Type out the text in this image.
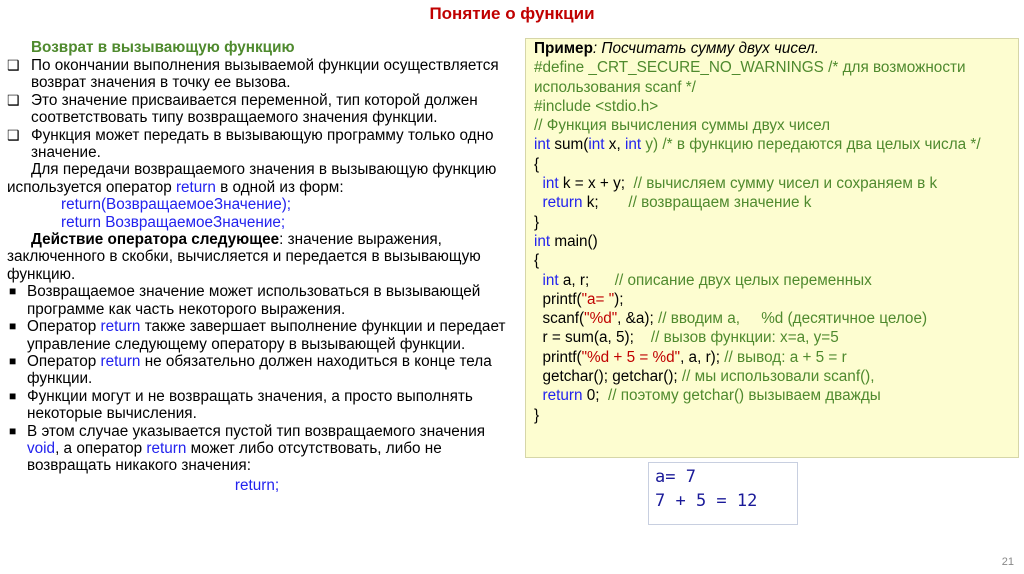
Понятие о функции
Возврат в вызывающую функцию
❑ По окончании выполнения вызываемой функции осуществляется возврат значения в точку ее вызова.
❑ Это значение присваивается переменной, тип которой должен соответствовать типу возвращаемого значения функции.
❑ Функция может передать в вызывающую программу только одно значение.
Для передачи возвращаемого значения в вызывающую функцию используется оператор return в одной из форм:
return(ВозвращаемоеЗначение);
return ВозвращаемоеЗначение;
Действие оператора следующее: значение выражения, заключенного в скобки, вычисляется и передается в вызывающую функцию.
■ Возвращаемое значение может использоваться в вызывающей программе как часть некоторого выражения.
■ Оператор return также завершает выполнение функции и передает управление следующему оператору в вызывающей функции.
■ Оператор return не обязательно должен находиться в конце тела функции.
■ Функции могут и не возвращать значения, а просто выполнять некоторые вычисления.
■ В этом случае указывается пустой тип возвращаемого значения void, а оператор return может либо отсутствовать, либо не возвращать никакого значения:
return;
Пример: Посчитать сумму двух чисел.
#define _CRT_SECURE_NO_WARNINGS /* для возможности использования scanf */
#include <stdio.h>
// Функция вычисления суммы двух чисел
int sum(int x, int y) /* в функцию передаются два целых числа */
{
int k = x + y;  // вычисляем сумму чисел и сохраняем в k
return k;       // возвращаем значение k
}
int main()
{
int a, r;      // описание двух целых переменных
printf("a= ");
scanf("%d", &a); // вводим а,     %d (десятичное целое)
r = sum(a, 5);    // вызов функции: x=a, y=5
printf("%d + 5 = %d", a, r); // вывод: a + 5 = r
getchar(); getchar(); // мы использовали scanf(),
return 0;  // поэтому getchar() вызываем дважды
}
a= 7
7 + 5 = 12
21
